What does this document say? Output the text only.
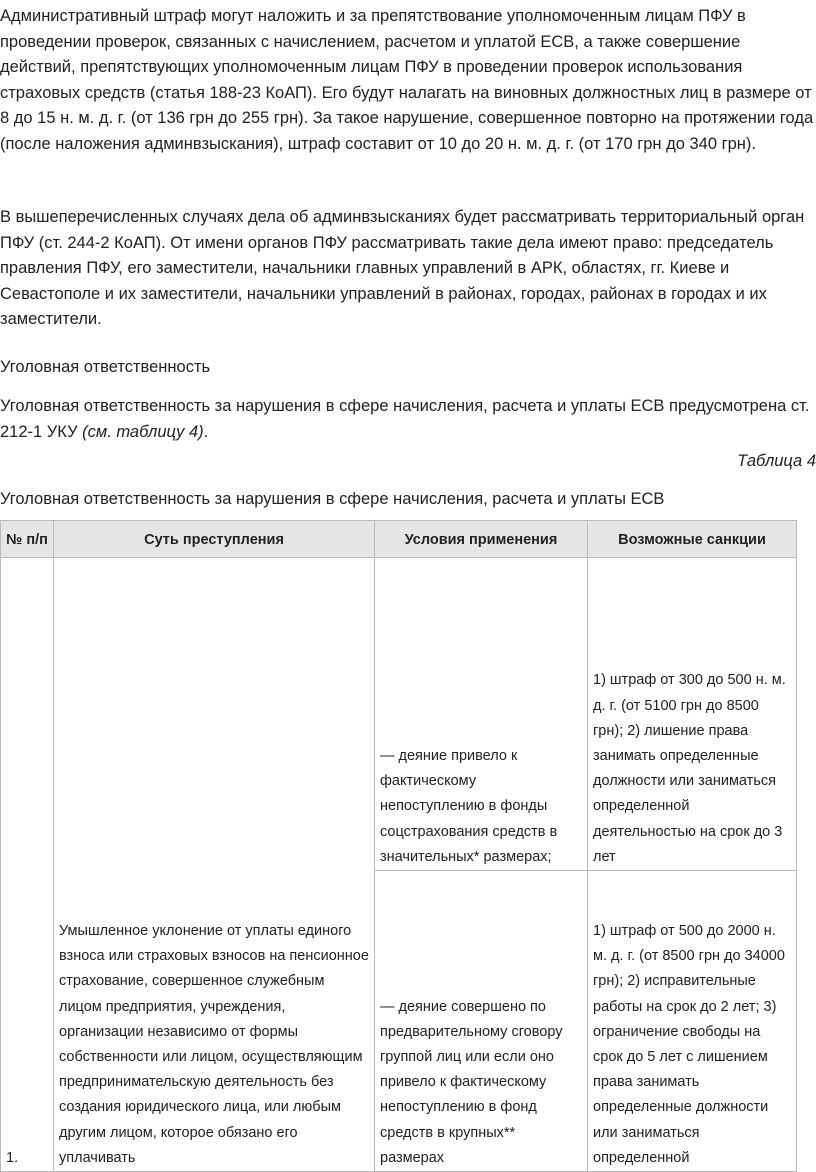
Административный штраф могут наложить и за препятствование уполномоченным лицам ПФУ в проведении проверок, связанных с начислением, расчетом и уплатой ЕСВ, а также совершение действий, препятствующих уполномоченным лицам ПФУ в проведении проверок использования страховых средств (статья 188-23 КоАП). Его будут налагать на виновных должностных лиц в размере от 8 до 15 н. м. д. г. (от 136 грн до 255 грн). За такое нарушение, совершенное повторно на протяжении года (после наложения админвзыскания), штраф составит от 10 до 20 н. м. д. г. (от 170 грн до 340 грн).

В вышеперечисленных случаях дела об админвзысканиях будет рассматривать территориальный орган ПФУ (ст. 244-2 КоАП). От имени органов ПФУ рассматривать такие дела имеют право: председатель правления ПФУ, его заместители, начальники главных управлений в АРК, областях, гг. Киеве и Севастополе и их заместители, начальники управлений в районах, городах, районах в городах и их заместители.

Уголовная ответственность

Уголовная ответственность за нарушения в сфере начисления, расчета и уплаты ЕСВ предусмотрена ст. 212-1 УКУ (см. таблицу 4).

Таблица 4
Уголовная ответственность за нарушения в сфере начисления, расчета и уплаты ЕСВ
№ п/п	Суть преступления	Условия применения	Возможные санкции
1.	Умышленное уклонение от уплаты единого взноса или страховых взносов на пенсионное страхование, совершенное служебным лицом предприятия, учреждения, организации независимо от формы собственности или лицом, осуществляющим предпринимательскую деятельность без создания юридического лица, или любым другим лицом, которое обязано его уплачивать	— деяние привело к фактическому непоступлению в фонды соцстрахования средств в значительных* размерах;	1) штраф от 300 до 500 н. м. д. г. (от 5100 грн до 8500 грн); 2) лишение права занимать определенные должности или заниматься определенной деятельностью на срок до 3 лет
		— деяние совершено по предварительному сговору группой лиц или если оно привело к фактическому непоступлению в фонд средств в крупных** размерах	1) штраф от 500 до 2000 н. м. д. г. (от 8500 грн до 34000 грн); 2) исправительные работы на срок до 2 лет; 3) ограничение свободы на срок до 5 лет с лишением права занимать определенные должности или заниматься определенной
